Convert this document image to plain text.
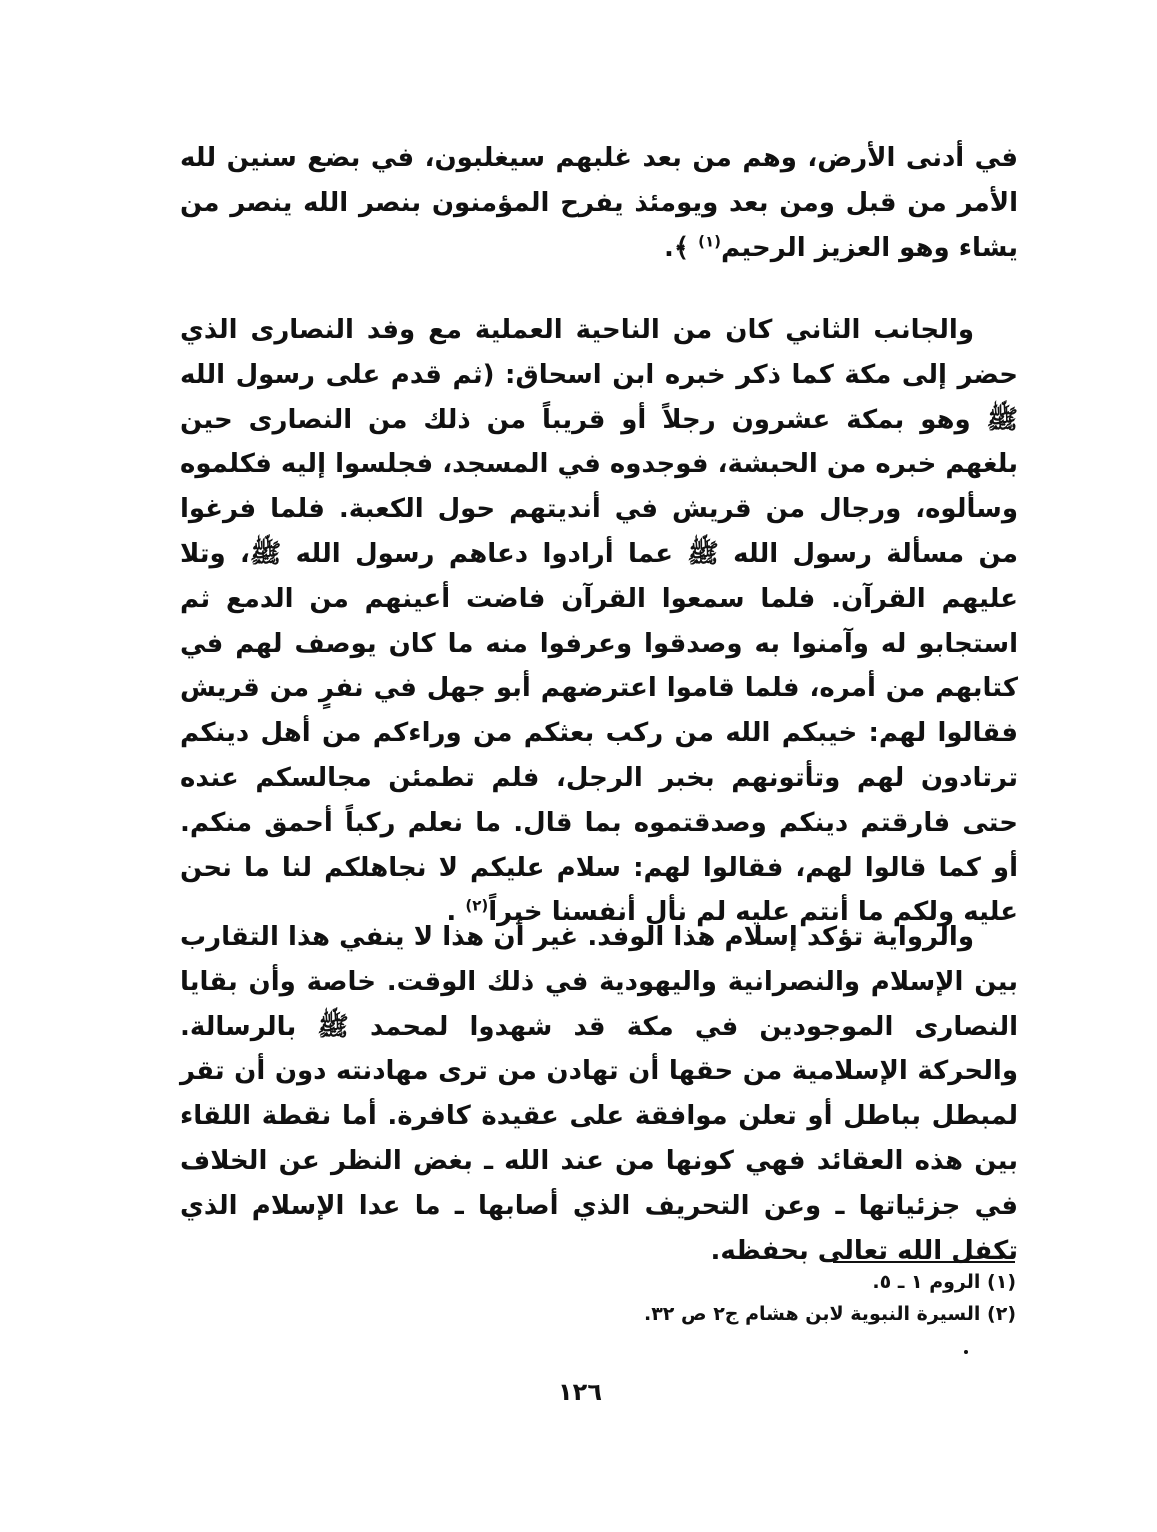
في أدنى الأرض، وهم من بعد غلبهم سيغلبون، في بضع سنين لله الأمر من قبل ومن بعد ويومئذ يفرح المؤمنون بنصر الله ينصر من يشاء وهو العزيز الرحيم$^{(١)}$ ﴾.
والجانب الثاني كان من الناحية العملية مع وفد النصارى الذي حضر إلى مكة كما ذكر خبره ابن اسحاق: (ثم قدم على رسول الله ﷺ وهو بمكة عشرون رجلاً أو قريباً من ذلك من النصارى حين بلغهم خبره من الحبشة، فوجدوه في المسجد، فجلسوا إليه فكلموه وسألوه، ورجال من قريش في أنديتهم حول الكعبة. فلما فرغوا من مسألة رسول الله ﷺ عما أرادوا دعاهم رسول الله ﷺ، وتلا عليهم القرآن. فلما سمعوا القرآن فاضت أعينهم من الدمع ثم استجابو له وآمنوا به وصدقوا وعرفوا منه ما كان يوصف لهم في كتابهم من أمره، فلما قاموا اعترضهم أبو جهل في نفرٍ من قريش فقالوا لهم: خيبكم الله من ركب بعثكم من وراءكم من أهل دينكم ترتادون لهم وتأتونهم بخبر الرجل، فلم تطمئن مجالسكم عنده حتى فارقتم دينكم وصدقتموه بما قال. ما نعلم ركباً أحمق منكم. أو كما قالوا لهم، فقالوا لهم: سلام عليكم لا نجاهلكم لنا ما نحن عليه ولكم ما أنتم عليه لم نأل أنفسنا خيراً$^{(٢)}$ .
والرواية تؤكد إسلام هذا الوفد. غير أن هذا لا ينفي هذا التقارب بين الإسلام والنصرانية واليهودية في ذلك الوقت. خاصة وأن بقايا النصارى الموجودين في مكة قد شهدوا لمحمد ﷺ بالرسالة. والحركة الإسلامية من حقها أن تهادن من ترى مهادنته دون أن تقر لمبطل بباطل أو تعلن موافقة على عقيدة كافرة. أما نقطة اللقاء بين هذه العقائد فهي كونها من عند الله ـ بغض النظر عن الخلاف في جزئياتها ـ وعن التحريف الذي أصابها ـ ما عدا الإسلام الذي تكفل الله تعالى بحفظه.
(١) الروم ١ ـ ٥.
(٢) السيرة النبوية لابن هشام ج٢ ص ٣٢.
١٢٦
